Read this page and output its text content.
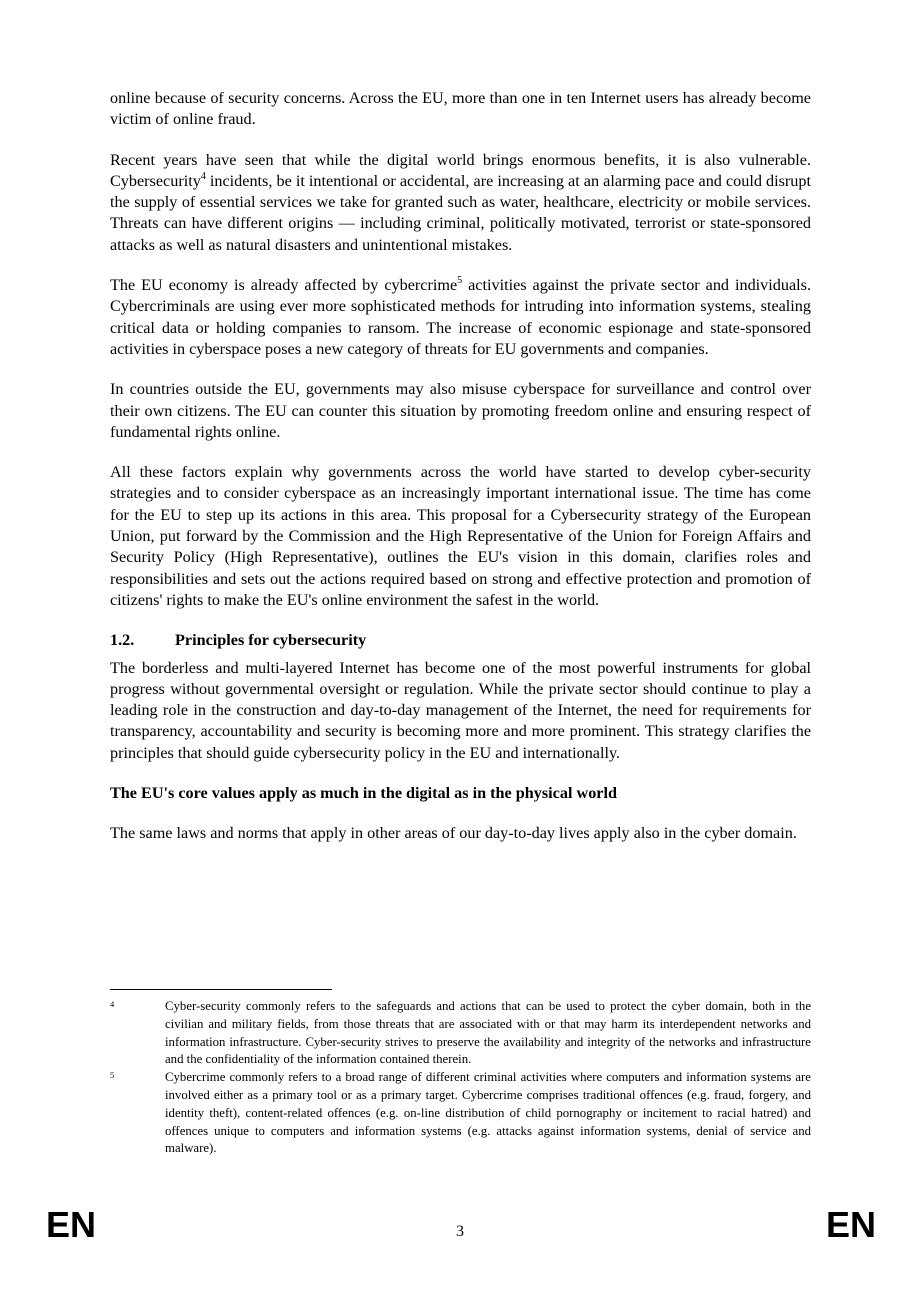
online because of security concerns. Across the EU, more than one in ten Internet users has already become victim of online fraud.

Recent years have seen that while the digital world brings enormous benefits, it is also vulnerable. Cybersecurity$^4$ incidents, be it intentional or accidental, are increasing at an alarming pace and could disrupt the supply of essential services we take for granted such as water, healthcare, electricity or mobile services. Threats can have different origins — including criminal, politically motivated, terrorist or state-sponsored attacks as well as natural disasters and unintentional mistakes.

The EU economy is already affected by cybercrime$^5$ activities against the private sector and individuals. Cybercriminals are using ever more sophisticated methods for intruding into information systems, stealing critical data or holding companies to ransom. The increase of economic espionage and state-sponsored activities in cyberspace poses a new category of threats for EU governments and companies.

In countries outside the EU, governments may also misuse cyberspace for surveillance and control over their own citizens. The EU can counter this situation by promoting freedom online and ensuring respect of fundamental rights online.

All these factors explain why governments across the world have started to develop cyber-security strategies and to consider cyberspace as an increasingly important international issue. The time has come for the EU to step up its actions in this area. This proposal for a Cybersecurity strategy of the European Union, put forward by the Commission and the High Representative of the Union for Foreign Affairs and Security Policy (High Representative), outlines the EU's vision in this domain, clarifies roles and responsibilities and sets out the actions required based on strong and effective protection and promotion of citizens' rights to make the EU's online environment the safest in the world.

1.2.	Principles for cybersecurity

The borderless and multi-layered Internet has become one of the most powerful instruments for global progress without governmental oversight or regulation. While the private sector should continue to play a leading role in the construction and day-to-day management of the Internet, the need for requirements for transparency, accountability and security is becoming more and more prominent. This strategy clarifies the principles that should guide cybersecurity policy in the EU and internationally.

The EU's core values apply as much in the digital as in the physical world

The same laws and norms that apply in other areas of our day-to-day lives apply also in the cyber domain.

4	Cyber-security commonly refers to the safeguards and actions that can be used to protect the cyber domain, both in the civilian and military fields, from those threats that are associated with or that may harm its interdependent networks and information infrastructure. Cyber-security strives to preserve the availability and integrity of the networks and infrastructure and the confidentiality of the information contained therein.
5	Cybercrime commonly refers to a broad range of different criminal activities where computers and information systems are involved either as a primary tool or as a primary target. Cybercrime comprises traditional offences (e.g. fraud, forgery, and identity theft), content-related offences (e.g. on-line distribution of child pornography or incitement to racial hatred) and offences unique to computers and information systems (e.g. attacks against information systems, denial of service and malware).
EN	3	EN
